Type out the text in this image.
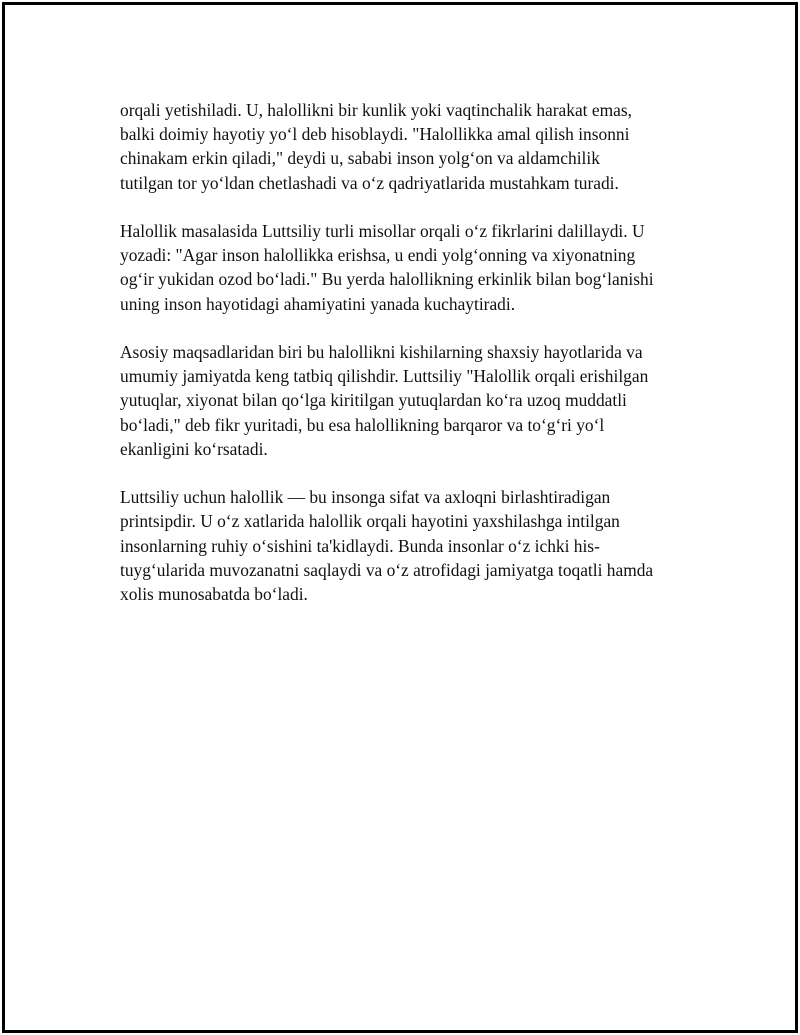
orqali yetishiladi. U, halollikni bir kunlik yoki vaqtinchalik harakat emas,
balki doimiy hayotiy yo‘l deb hisoblaydi. "Halollikka amal qilish insonni
chinakam erkin qiladi," deydi u, sababi inson yolg‘on va aldamchilik
tutilgan tor yo‘ldan chetlashadi va o‘z qadriyatlarida mustahkam turadi.

Halollik masalasida Luttsiliy turli misollar orqali o‘z fikrlarini dalillaydi. U
yozadi: "Agar inson halollikka erishsa, u endi yolg‘onning va xiyonatning
og‘ir yukidan ozod bo‘ladi." Bu yerda halollikning erkinlik bilan bog‘lanishi
uning inson hayotidagi ahamiyatini yanada kuchaytiradi.

Asosiy maqsadlaridan biri bu halollikni kishilarning shaxsiy hayotlarida va
umumiy jamiyatda keng tatbiq qilishdir. Luttsiliy "Halollik orqali erishilgan
yutuqlar, xiyonat bilan qo‘lga kiritilgan yutuqlardan ko‘ra uzoq muddatli
bo‘ladi," deb fikr yuritadi, bu esa halollikning barqaror va to‘g‘ri yo‘l
ekanligini ko‘rsatadi.

Luttsiliy uchun halollik — bu insonga sifat va axloqni birlashtiradigan
printsipdir. U o‘z xatlarida halollik orqali hayotini yaxshilashga intilgan
insonlarning ruhiy o‘sishini ta'kidlaydi. Bunda insonlar o‘z ichki his-
tuyg‘ularida muvozanatni saqlaydi va o‘z atrofidagi jamiyatga toqatli hamda
xolis munosabatda bo‘ladi.
